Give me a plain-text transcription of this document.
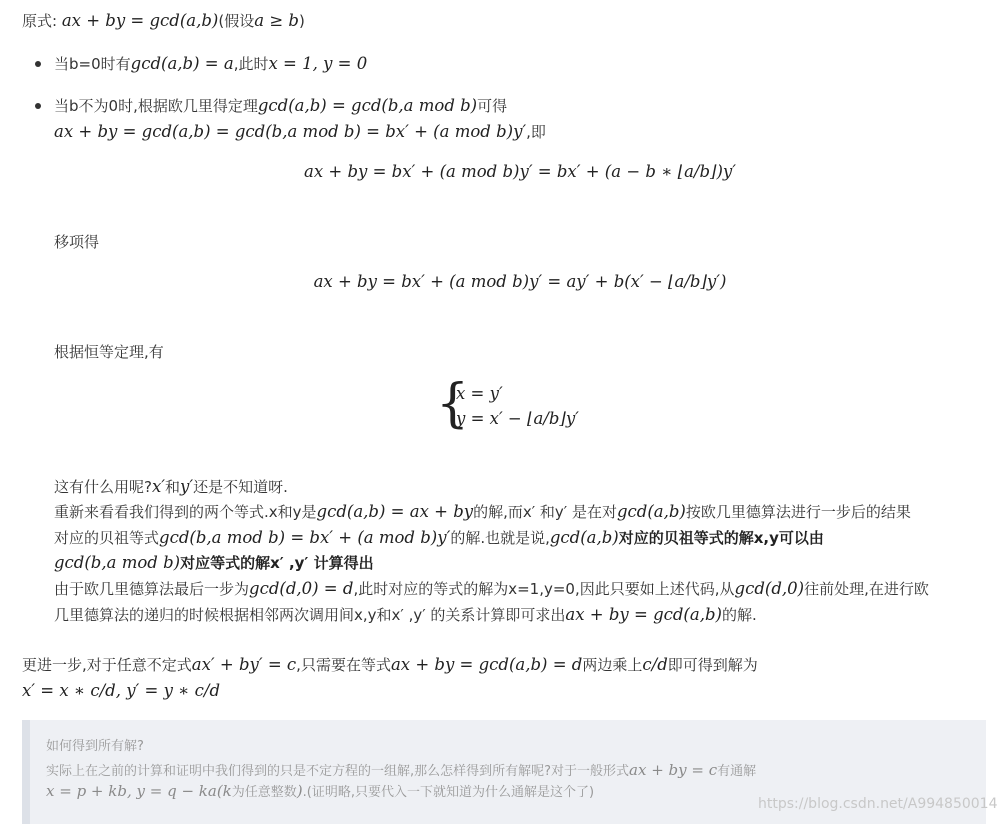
原式: ax + by = gcd(a,b)(假设a ≥ b)
当b=0时有gcd(a,b) = a,此时x = 1, y = 0
当b不为0时,根据欧几里得定理gcd(a,b) = gcd(b,a mod b)可得
ax + by = gcd(a,b) = gcd(b,a mod b) = bx′ + (a mod b)y′,即
ax + by = bx′ + (a mod b)y′ = bx′ + (a − b ∗ ⌊a/b⌋)y′
移项得
ax + by = bx′ + (a mod b)y′ = ay′ + b(x′ − ⌊a/b⌋y′)
根据恒等定理,有
{
x = y′
y = x′ − ⌊a/b⌋y′
这有什么用呢?x′和y′还是不知道呀.
重新来看看我们得到的两个等式.x和y是gcd(a,b) = ax + by的解,而x′ 和y′ 是在对gcd(a,b)按欧几里德算法进行一步后的结果
对应的贝祖等式gcd(b,a mod b) = bx′ + (a mod b)y′的解.也就是说,gcd(a,b)对应的贝祖等式的解x,y可以由
gcd(b,a mod b)对应等式的解x′ ,y′ 计算得出
由于欧几里德算法最后一步为gcd(d,0) = d,此时对应的等式的解为x=1,y=0,因此只要如上述代码,从gcd(d,0)往前处理,在进行欧
几里德算法的递归的时候根据相邻两次调用间x,y和x′ ,y′ 的关系计算即可求出ax + by = gcd(a,b)的解.
更进一步,对于任意不定式ax′ + by′ = c,只需要在等式ax + by = gcd(a,b) = d两边乘上c/d即可得到解为
x′ = x ∗ c/d, y′ = y ∗ c/d
如何得到所有解?
实际上在之前的计算和证明中我们得到的只是不定方程的一组解,那么怎样得到所有解呢?对于一般形式ax + by = c有通解
x = p + kb, y = q − ka(k为任意整数).(证明略,只要代入一下就知道为什么通解是这个了)
https://blog.csdn.net/A994850014
